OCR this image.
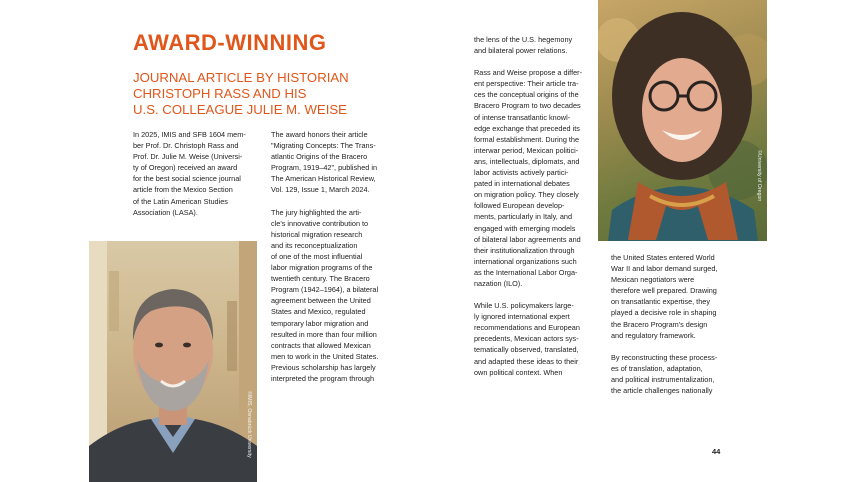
AWARD-WINNING
JOURNAL ARTICLE BY HISTORIAN
CHRISTOPH RASS AND HIS
U.S. COLLEAGUE JULIE M. WEISE
In 2025, IMIS and SFB 1604 mem-
ber Prof. Dr. Christoph Rass and
Prof. Dr. Julie M. Weise (Universi-
ty of Oregon) received an award
for the best social science journal
article from the Mexico Section
of the Latin American Studies
Association (LASA).
The award honors their article
"Migrating Concepts: The Trans-
atlantic Origins of the Bracero
Program, 1919–42", published in
The American Historical Review,
Vol. 129, Issue 1, March 2024.
The jury highlighted the arti-
cle's innovative contribution to
historical migration research
and its reconceptualization
of one of the most influential
labor migration programs of the
twentieth century. The Bracero
Program (1942–1964), a bilateral
agreement between the United
States and Mexico, regulated
temporary labor migration and
resulted in more than four million
contracts that allowed Mexican
men to work in the United States.
Previous scholarship has largely
interpreted the program through
the lens of the U.S. hegemony
and bilateral power relations.
Rass and Weise propose a differ-
ent perspective: Their article tra-
ces the conceptual origins of the
Bracero Program to two decades
of intense transatlantic knowl-
edge exchange that preceded its
formal establishment. During the
interwar period, Mexican politici-
ans, intellectuals, diplomats, and
labor activists actively partici-
pated in international debates
on migration policy. They closely
followed European develop-
ments, particularly in Italy, and
engaged with emerging models
of bilateral labor agreements and
their institutionalization through
international organizations such
as the International Labor Orga-
nazation (ILO).
While U.S. policymakers large-
ly ignored international expert
recommendations and European
precedents, Mexican actors sys-
tematically observed, translated,
and adapted these ideas to their
own political context. When
the United States entered World
War II and labor demand surged,
Mexican negotiators were
therefore well prepared. Drawing
on transatlantic expertise, they
played a decisive role in shaping
the Bracero Program's design
and regulatory framework.
By reconstructing these process-
es of translation, adaptation,
and political instrumentalization,
the article challenges nationally
©IMIS, Osnabrück University
©University of Oregon
44
